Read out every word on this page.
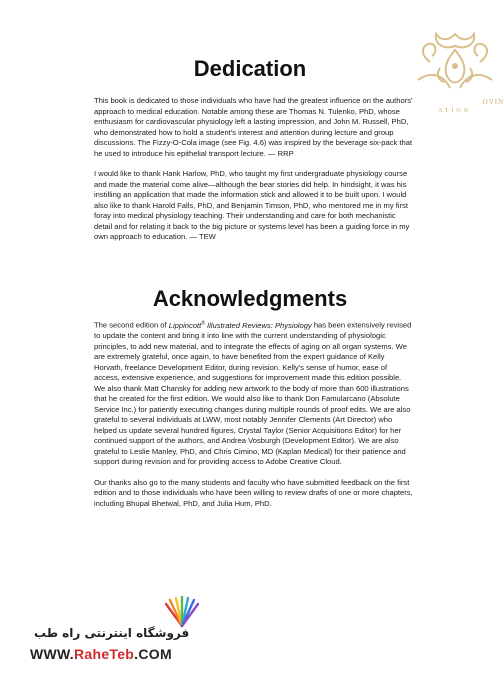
Dedication

This book is dedicated to those individuals who have had the greatest influence on the authors' approach to medical education. Notable among these are Thomas N. Tulenko, PhD, whose enthusiasm for cardiovascular physiology left a lasting impression, and John M. Russell, PhD, who demonstrated how to hold a student's interest and attention during lecture and group discussions. The Fizzy-O-Cola image (see Fig. 4.6) was inspired by the beverage six-pack that he used to introduce his epithelial transport lecture. — RRP

I would like to thank Hank Harlow, PhD, who taught my first undergraduate physiology course and made the material come alive—although the bear stories did help. In hindsight, it was his instilling an application that made the information stick and allowed it to be built upon. I would also like to thank Harold Falls, PhD, and Benjamin Timson, PhD, who mentored me in my first foray into medical physiology teaching. Their understanding and care for both mechanistic detail and for relating it back to the big picture or systems level has been a guiding force in my own approach to education. — TEW

Acknowledgments

The second edition of Lippincott® Illustrated Reviews: Physiology has been extensively revised to update the content and bring it into line with the current understanding of physiologic principles, to add new material, and to integrate the effects of aging on all organ systems. We are extremely grateful, once again, to have benefited from the expert guidance of Kelly Horvath, freelance Development Editor, during revision. Kelly's sense of humor, ease of access, extensive experience, and suggestions for improvement made this edition possible. We also thank Matt Chansky for adding new artwork to the body of more than 600 illustrations that he created for the first edition. We would also like to thank Don Famularcano (Absolute Service Inc.) for patiently executing changes during multiple rounds of proof edits. We are also grateful to several individuals at LWW, most notably Jennifer Clements (Art Director) who helped us update several hundred figures, Crystal Taylor (Senior Acquisitions Editor) for her continued support of the authors, and Andrea Vosburgh (Development Editor). We are also grateful to Leslie Manley, PhD, and Chris Cimino, MD (Kaplan Medical) for their patience and support during revision and for providing access to Adobe Creative Cloud.

Our thanks also go to the many students and faculty who have submitted feedback on the first edition and to those individuals who have been willing to review drafts of one or more chapters, including Bhupal Bhetwal, PhD, and Julia Hum, PhD.

OVIN
ATION
فروشگاه اینترنتی راه طب
WWW.RaheTeb.COM
